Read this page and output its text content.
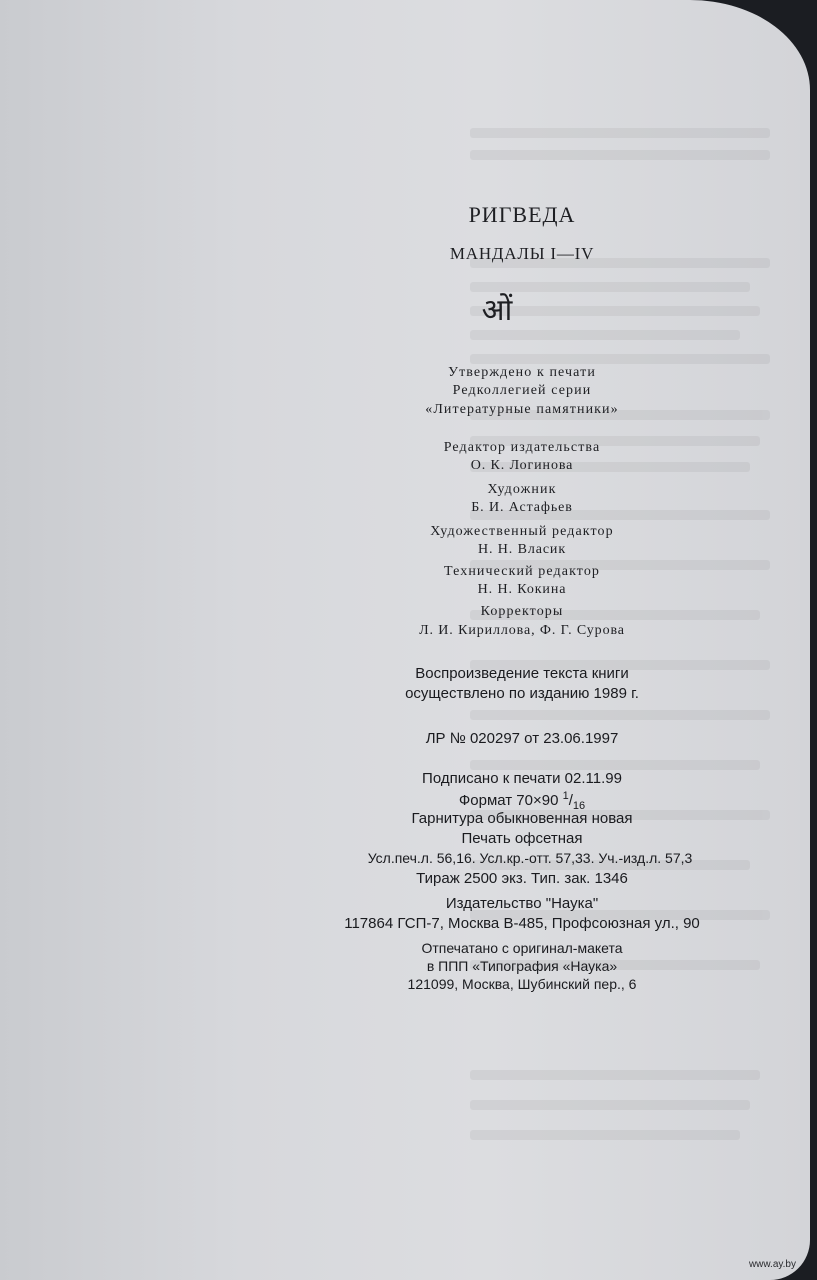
РИГВЕДА
МАНДАЛЫ I—IV
ओं
Утверждено к печати
Редколлегией серии
«Литературные памятники»
Редактор издательства
О. К. Логинова
Художник
Б. И. Астафьев
Художественный редактор
Н. Н. Власик
Технический редактор
Н. Н. Кокина
Корректоры
Л. И. Кириллова, Ф. Г. Сурова
Воспроизведение текста книги
осуществлено по изданию 1989 г.
ЛР № 020297 от 23.06.1997
Подписано к печати 02.11.99
Формат 70×90 $^1/_{16}$
Гарнитура обыкновенная новая
Печать офсетная
Усл.печ.л. 56,16. Усл.кр.-отт. 57,33. Уч.-изд.л. 57,3
Тираж 2500 экз. Тип. зак. 1346
Издательство "Наука"
117864 ГСП-7, Москва В-485, Профсоюзная ул., 90
Отпечатано с оригинал-макета
в ППП «Типография «Наука»
121099, Москва, Шубинский пер., 6
www.ay.by
